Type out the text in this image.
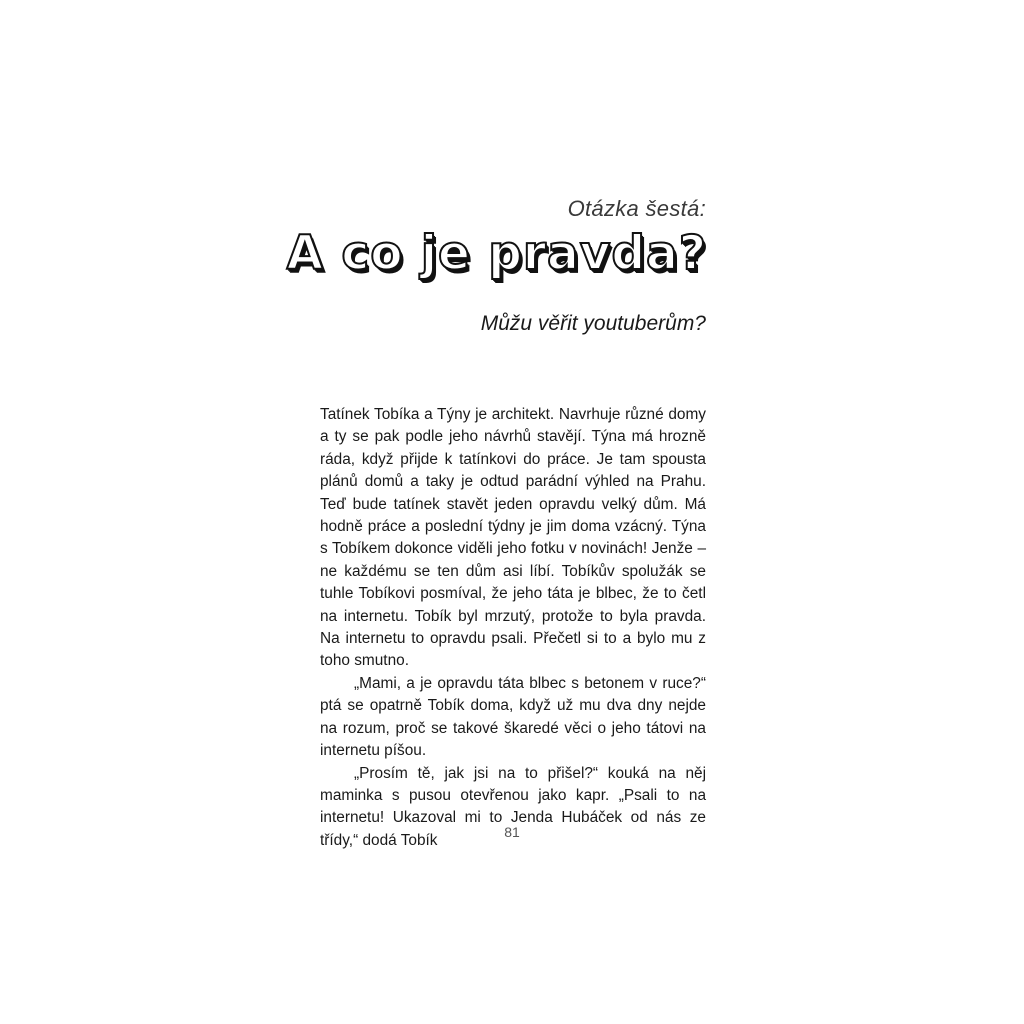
Otázka šestá:
A co je pravda?
Můžu věřit youtuberům?

Tatínek Tobíka a Týny je architekt. Navrhuje různé domy a ty se pak podle jeho návrhů stavějí. Týna má hrozně ráda, když přijde k tatínkovi do práce. Je tam spousta plánů domů a taky je odtud parádní výhled na Prahu. Teď bude tatínek stavět jeden opravdu velký dům. Má hodně práce a poslední týdny je jim doma vzácný. Týna s Tobíkem dokonce viděli jeho fotku v novinách! Jenže – ne každému se ten dům asi líbí. Tobíkův spolužák se tuhle Tobíkovi posmíval, že jeho táta je blbec, že to četl na internetu. Tobík byl mrzutý, protože to byla pravda. Na internetu to opravdu psali. Přečetl si to a bylo mu z toho smutno.

„Mami, a je opravdu táta blbec s betonem v ruce?“ ptá se opatrně Tobík doma, když už mu dva dny nejde na rozum, proč se takové škaredé věci o jeho tátovi na internetu píšou.

„Prosím tě, jak jsi na to přišel?“ kouká na něj maminka s pusou otevřenou jako kapr. „Psali to na internetu! Ukazoval mi to Jenda Hubáček od nás ze třídy,“ dodá Tobík	81
